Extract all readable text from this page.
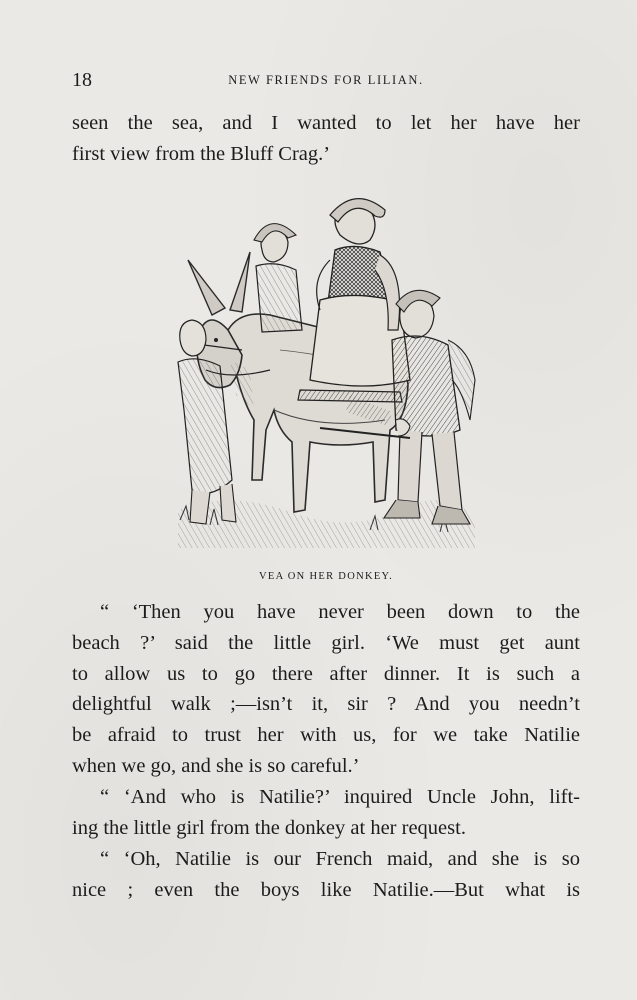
18	NEW FRIENDS FOR LILIAN.

seen the sea, and I wanted to let her have her
first view from the Bluff Crag.’

VEA ON HER DONKEY.

“ ‘Then you have never been down to the
beach ?’ said the little girl. ‘We must get aunt
to allow us to go there after dinner. It is such a
delightful walk ;—isn’t it, sir ? And you needn’t
be afraid to trust her with us, for we take Natilie
when we go, and she is so careful.’

“ ‘And who is Natilie?’ inquired Uncle John, lift-
ing the little girl from the donkey at her request.

“ ‘Oh, Natilie is our French maid, and she is so
nice ; even the boys like Natilie.—But what is
